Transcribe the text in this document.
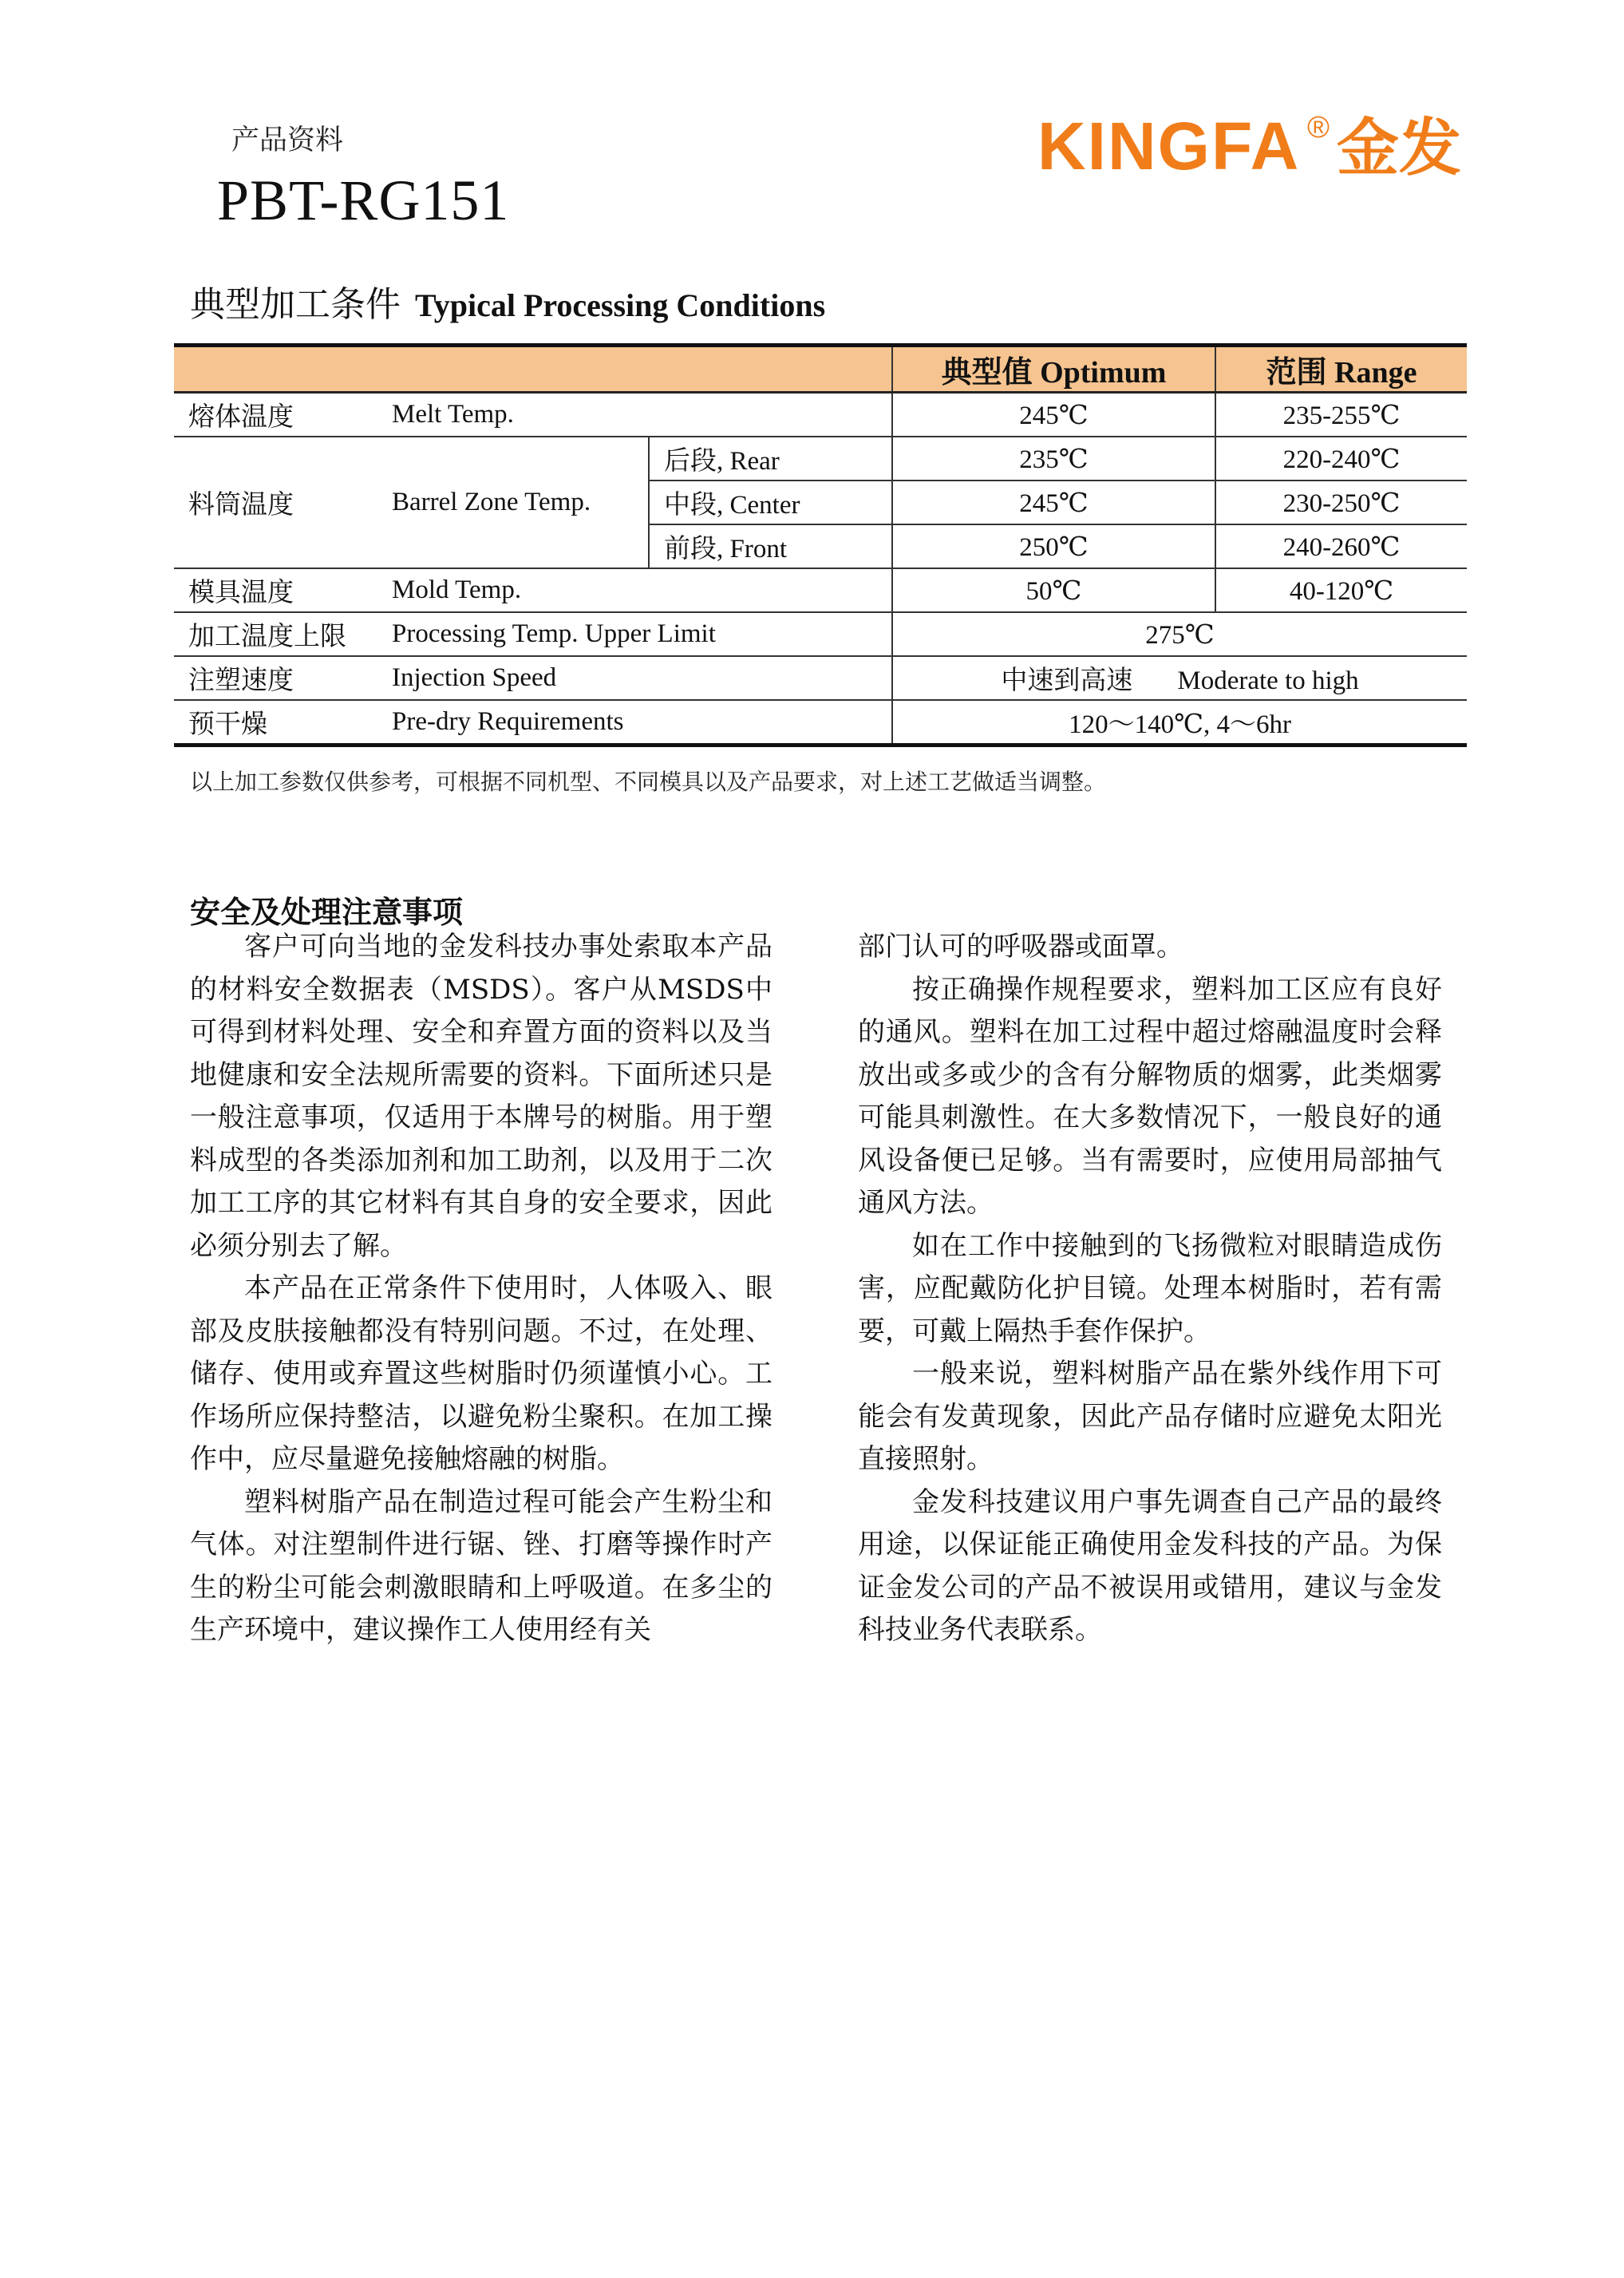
产品资料
PBT-RG151
KINGFA ® 金发
典型加工条件 Typical Processing Conditions
			典型值 Optimum	范围 Range
熔体温度	Melt Temp.		245℃	235-255℃
料筒温度	Barrel Zone Temp.	后段, Rear	235℃	220-240℃
		中段, Center	245℃	230-250℃
		前段, Front	250℃	240-260℃
模具温度	Mold Temp.		50℃	40-120℃
加工温度上限	Processing Temp. Upper Limit		275℃	
注塑速度	Injection Speed		中速到高速 Moderate to high	
预干燥	Pre-dry Requirements		120～140℃, 4～6hr	
以上加工参数仅供参考，可根据不同机型、不同模具以及产品要求，对上述工艺做适当调整。
安全及处理注意事项

客户可向当地的金发科技办事处索取本产品的材料安全数据表（MSDS）。客户从MSDS中可得到材料处理、安全和弃置方面的资料以及当地健康和安全法规所需要的资料。下面所述只是一般注意事项，仅适用于本牌号的树脂。用于塑料成型的各类添加剂和加工助剂，以及用于二次加工工序的其它材料有其自身的安全要求，因此必须分别去了解。

本产品在正常条件下使用时，人体吸入、眼部及皮肤接触都没有特别问题。不过，在处理、储存、使用或弃置这些树脂时仍须谨慎小心。工作场所应保持整洁，以避免粉尘聚积。在加工操作中，应尽量避免接触熔融的树脂。

塑料树脂产品在制造过程可能会产生粉尘和气体。对注塑制件进行锯、锉、打磨等操作时产生的粉尘可能会刺激眼睛和上呼吸道。在多尘的生产环境中，建议操作工人使用经有关

部门认可的呼吸器或面罩。

按正确操作规程要求，塑料加工区应有良好的通风。塑料在加工过程中超过熔融温度时会释放出或多或少的含有分解物质的烟雾，此类烟雾可能具刺激性。在大多数情况下，一般良好的通风设备便已足够。当有需要时，应使用局部抽气通风方法。

如在工作中接触到的飞扬微粒对眼睛造成伤害，应配戴防化护目镜。处理本树脂时，若有需要，可戴上隔热手套作保护。

一般来说，塑料树脂产品在紫外线作用下可能会有发黄现象，因此产品存储时应避免太阳光直接照射。

金发科技建议用户事先调查自己产品的最终用途，以保证能正确使用金发科技的产品。为保证金发公司的产品不被误用或错用，建议与金发科技业务代表联系。
